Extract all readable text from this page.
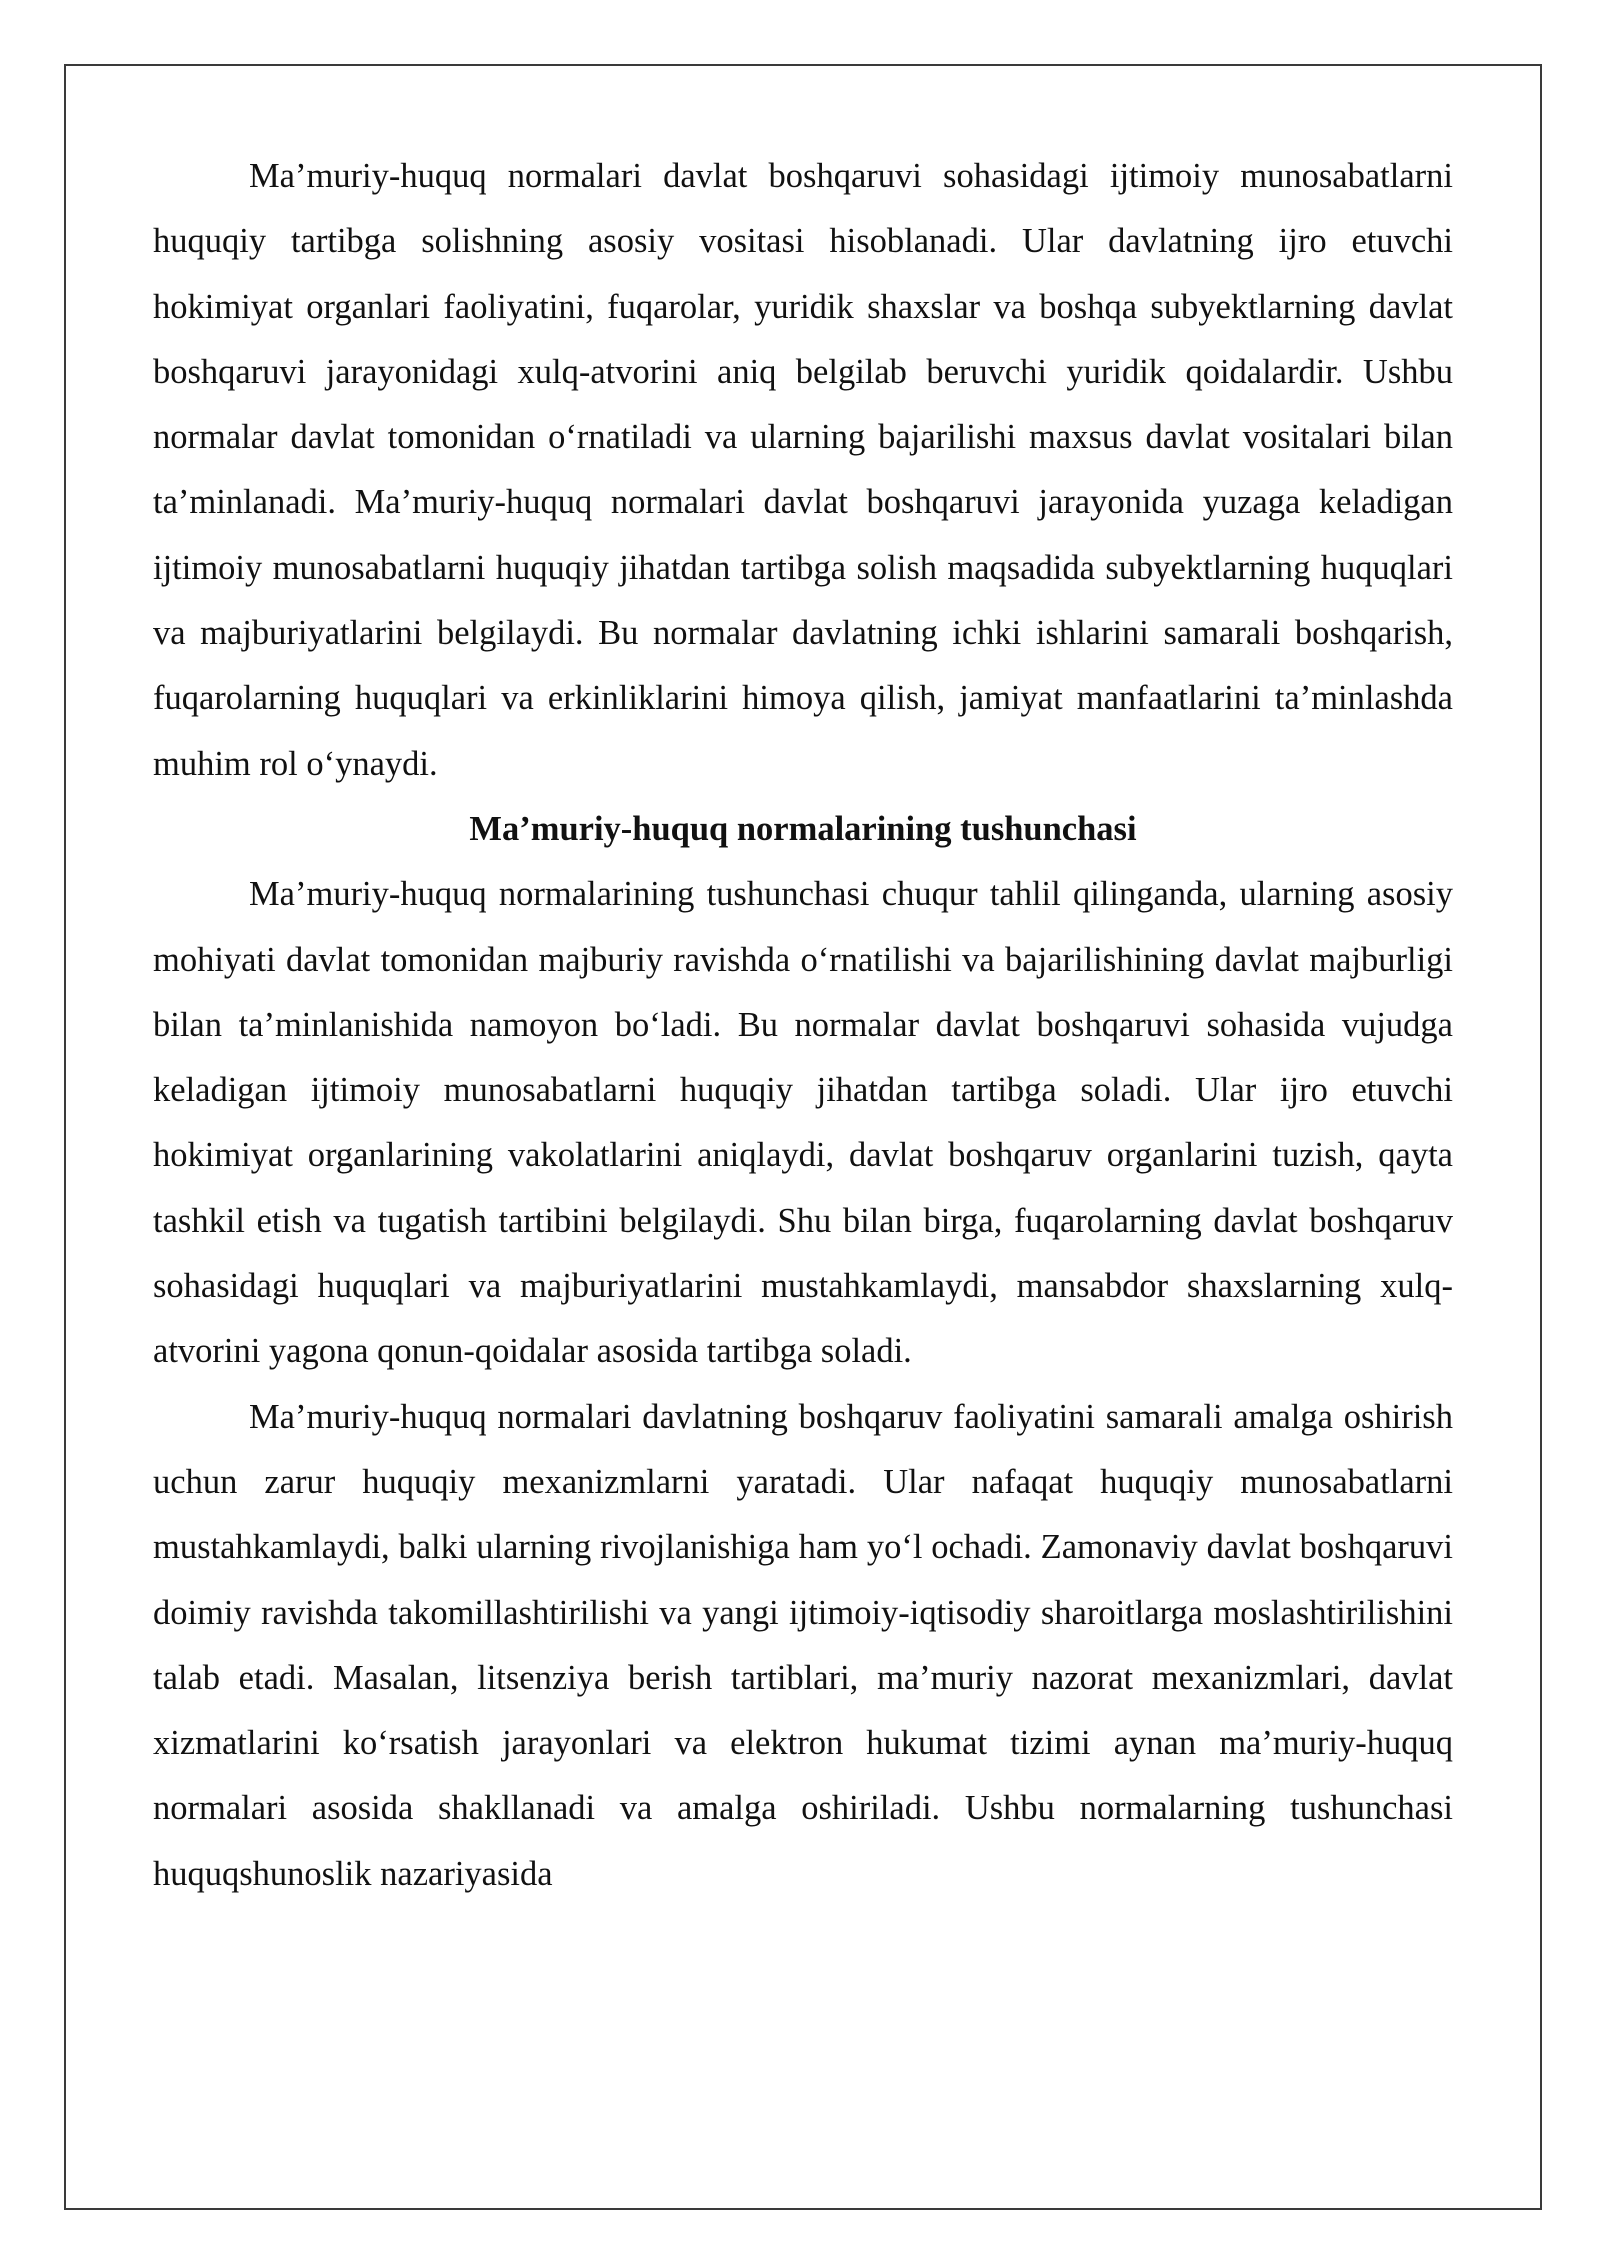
Ma’muriy-huquq normalari davlat boshqaruvi sohasidagi ijtimoiy munosabatlarni huquqiy tartibga solishning asosiy vositasi hisoblanadi. Ular davlatning ijro etuvchi hokimiyat organlari faoliyatini, fuqarolar, yuridik shaxslar va boshqa subyektlarning davlat boshqaruvi jarayonidagi xulq-atvorini aniq belgilab beruvchi yuridik qoidalardir. Ushbu normalar davlat tomonidan o‘rnatiladi va ularning bajarilishi maxsus davlat vositalari bilan ta’minlanadi. Ma’muriy-huquq normalari davlat boshqaruvi jarayonida yuzaga keladigan ijtimoiy munosabatlarni huquqiy jihatdan tartibga solish maqsadida subyektlarning huquqlari va majburiyatlarini belgilaydi. Bu normalar davlatning ichki ishlarini samarali boshqarish, fuqarolarning huquqlari va erkinliklarini himoya qilish, jamiyat manfaatlarini ta’minlashda muhim rol o‘ynaydi.

Ma’muriy-huquq normalarining tushunchasi

Ma’muriy-huquq normalarining tushunchasi chuqur tahlil qilinganda, ularning asosiy mohiyati davlat tomonidan majburiy ravishda o‘rnatilishi va bajarilishining davlat majburligi bilan ta’minlanishida namoyon bo‘ladi. Bu normalar davlat boshqaruvi sohasida vujudga keladigan ijtimoiy munosabatlarni huquqiy jihatdan tartibga soladi. Ular ijro etuvchi hokimiyat organlarining vakolatlarini aniqlaydi, davlat boshqaruv organlarini tuzish, qayta tashkil etish va tugatish tartibini belgilaydi. Shu bilan birga, fuqarolarning davlat boshqaruv sohasidagi huquqlari va majburiyatlarini mustahkamlaydi, mansabdor shaxslarning xulq-atvorini yagona qonun-qoidalar asosida tartibga soladi.

Ma’muriy-huquq normalari davlatning boshqaruv faoliyatini samarali amalga oshirish uchun zarur huquqiy mexanizmlarni yaratadi. Ular nafaqat huquqiy munosabatlarni mustahkamlaydi, balki ularning rivojlanishiga ham yo‘l ochadi. Zamonaviy davlat boshqaruvi doimiy ravishda takomillashtirilishi va yangi ijtimoiy-iqtisodiy sharoitlarga moslashtirilishini talab etadi. Masalan, litsenziya berish tartiblari, ma’muriy nazorat mexanizmlari, davlat xizmatlarini ko‘rsatish jarayonlari va elektron hukumat tizimi aynan ma’muriy-huquq normalari asosida shakllanadi va amalga oshiriladi. Ushbu normalarning tushunchasi huquqshunoslik nazariyasida
